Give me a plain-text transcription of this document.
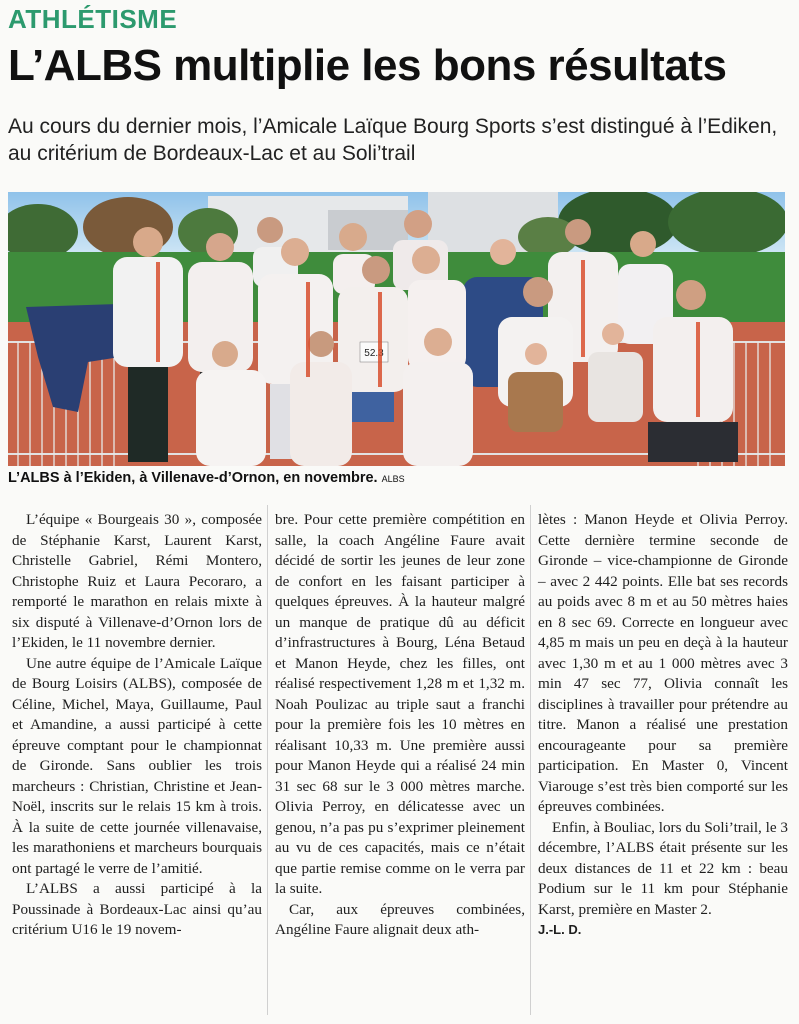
ATHLÉTISME
L’ALBS multiplie les bons résultats
Au cours du dernier mois, l’Amicale Laïque Bourg Sports s’est distingué à l’Ediken, au critérium de Bordeaux-Lac et au Soli’trail
52.3
L’ALBS à l’Ekiden, à Villenave-d’Ornon, en novembre. ALBS

L’équipe « Bourgeais 30 », composée de Stéphanie Karst, Laurent Karst, Christelle Gabriel, Rémi Montero, Christophe Ruiz et Laura Pecoraro, a remporté le marathon en relais mixte à six disputé à Villenave-d’Ornon lors de l’Ekiden, le 11 novembre dernier.

Une autre équipe de l’Amicale Laïque de Bourg Loisirs (ALBS), composée de Céline, Michel, Maya, Guillaume, Paul et Amandine, a aussi participé à cette épreuve comptant pour le championnat de Gironde. Sans oublier les trois marcheurs : Christian, Christine et Jean-Noël, inscrits sur le relais 15 km à trois. À la suite de cette journée villenavaise, les marathoniens et marcheurs bourquais ont partagé le verre de l’amitié.

L’ALBS a aussi participé à la Poussinade à Bordeaux-Lac ainsi qu’au critérium U16 le 19 novem-

bre. Pour cette première compétition en salle, la coach Angéline Faure avait décidé de sortir les jeunes de leur zone de confort en les faisant participer à quelques épreuves. À la hauteur malgré un manque de pratique dû au déficit d’infrastructures à Bourg, Léna Betaud et Manon Heyde, chez les filles, ont réalisé respectivement 1,28 m et 1,32 m. Noah Poulizac au triple saut a franchi pour la première fois les 10 mètres en réalisant 10,33 m. Une première aussi pour Manon Heyde qui a réalisé 24 min 31 sec 68 sur le 3 000 mètres marche. Olivia Perroy, en délicatesse avec un genou, n’a pas pu s’exprimer pleinement au vu de ces capacités, mais ce n’était que partie remise comme on le verra par la suite.

Car, aux épreuves combinées, Angéline Faure alignait deux ath-

lètes : Manon Heyde et Olivia Perroy. Cette dernière termine seconde de Gironde – vice-championne de Gironde – avec 2 442 points. Elle bat ses records au poids avec 8 m et au 50 mètres haies en 8 sec 69. Correcte en longueur avec 4,85 m mais un peu en deçà à la hauteur avec 1,30 m et au 1 000 mètres avec 3 min 47 sec 77, Olivia connaît les disciplines à travailler pour prétendre au titre. Manon a réalisé une prestation encourageante pour sa première participation. En Master 0, Vincent Viarouge s’est très bien comporté sur les épreuves combinées.

Enfin, à Bouliac, lors du Soli’trail, le 3 décembre, l’ALBS était présente sur les deux distances de 11 et 22 km : beau Podium sur le 11 km pour Stéphanie Karst, première en Master 2.

J.-L. D.
